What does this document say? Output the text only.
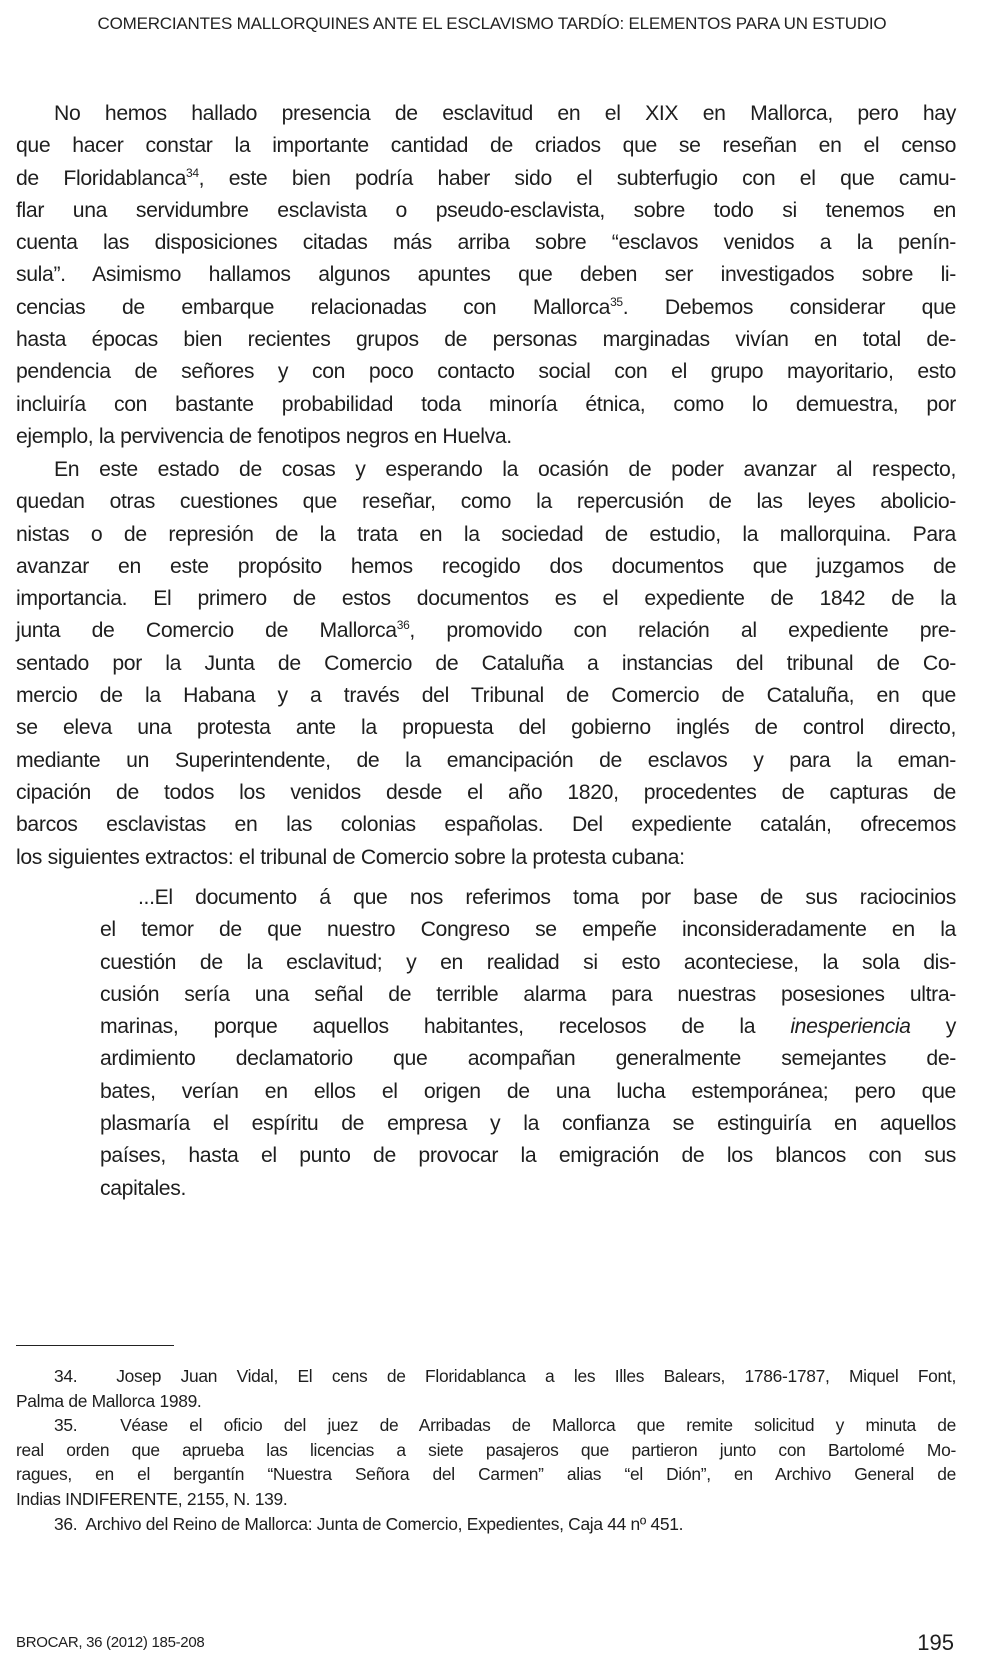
COMERCIANTES MALLORQUINES ANTE EL ESCLAVISMO TARDÍO: ELEMENTOS PARA UN ESTUDIO
No hemos hallado presencia de esclavitud en el XIX en Mallorca, pero hay
que hacer constar la importante cantidad de criados que se reseñan en el censo
de Floridablanca$^{34}$, este bien podría haber sido el subterfugio con el que camu-
flar una servidumbre esclavista o pseudo-esclavista, sobre todo si tenemos en
cuenta las disposiciones citadas más arriba sobre “esclavos venidos a la penín-
sula”. Asimismo hallamos algunos apuntes que deben ser investigados sobre li-
cencias de embarque relacionadas con Mallorca$^{35}$. Debemos considerar que
hasta épocas bien recientes grupos de personas marginadas vivían en total de-
pendencia de señores y con poco contacto social con el grupo mayoritario, esto
incluiría con bastante probabilidad toda minoría étnica, como lo demuestra, por
ejemplo, la pervivencia de fenotipos negros en Huelva.
En este estado de cosas y esperando la ocasión de poder avanzar al respecto,
quedan otras cuestiones que reseñar, como la repercusión de las leyes abolicio-
nistas o de represión de la trata en la sociedad de estudio, la mallorquina. Para
avanzar en este propósito hemos recogido dos documentos que juzgamos de
importancia. El primero de estos documentos es el expediente de 1842 de la
junta de Comercio de Mallorca$^{36}$, promovido con relación al expediente pre-
sentado por la Junta de Comercio de Cataluña a instancias del tribunal de Co-
mercio de la Habana y a través del Tribunal de Comercio de Cataluña, en que
se eleva una protesta ante la propuesta del gobierno inglés de control directo,
mediante un Superintendente, de la emancipación de esclavos y para la eman-
cipación de todos los venidos desde el año 1820, procedentes de capturas de
barcos esclavistas en las colonias españolas. Del expediente catalán, ofrecemos
los siguientes extractos: el tribunal de Comercio sobre la protesta cubana:
...El documento á que nos referimos toma por base de sus raciocinios
el temor de que nuestro Congreso se empeñe inconsideradamente en la
cuestión de la esclavitud; y en realidad si esto aconteciese, la sola dis-
cusión sería una señal de terrible alarma para nuestras posesiones ultra-
marinas, porque aquellos habitantes, recelosos de la inesperiencia y
ardimiento declamatorio que acompañan generalmente semejantes de-
bates, verían en ellos el origen de una lucha estemporánea; pero que
plasmaría el espíritu de empresa y la confianza se estinguiría en aquellos
países, hasta el punto de provocar la emigración de los blancos con sus
capitales.
34. Josep Juan Vidal, El cens de Floridablanca a les Illes Balears, 1786-1787, Miquel Font,
Palma de Mallorca 1989.
35. Véase el oficio del juez de Arribadas de Mallorca que remite solicitud y minuta de
real orden que aprueba las licencias a siete pasajeros que partieron junto con Bartolomé Mo-
ragues, en el bergantín “Nuestra Señora del Carmen” alias “el Dión”, en Archivo General de
Indias INDIFERENTE, 2155, N. 139.
36. Archivo del Reino de Mallorca: Junta de Comercio, Expedientes, Caja 44 nº 451.
BROCAR, 36 (2012) 185-208	195
